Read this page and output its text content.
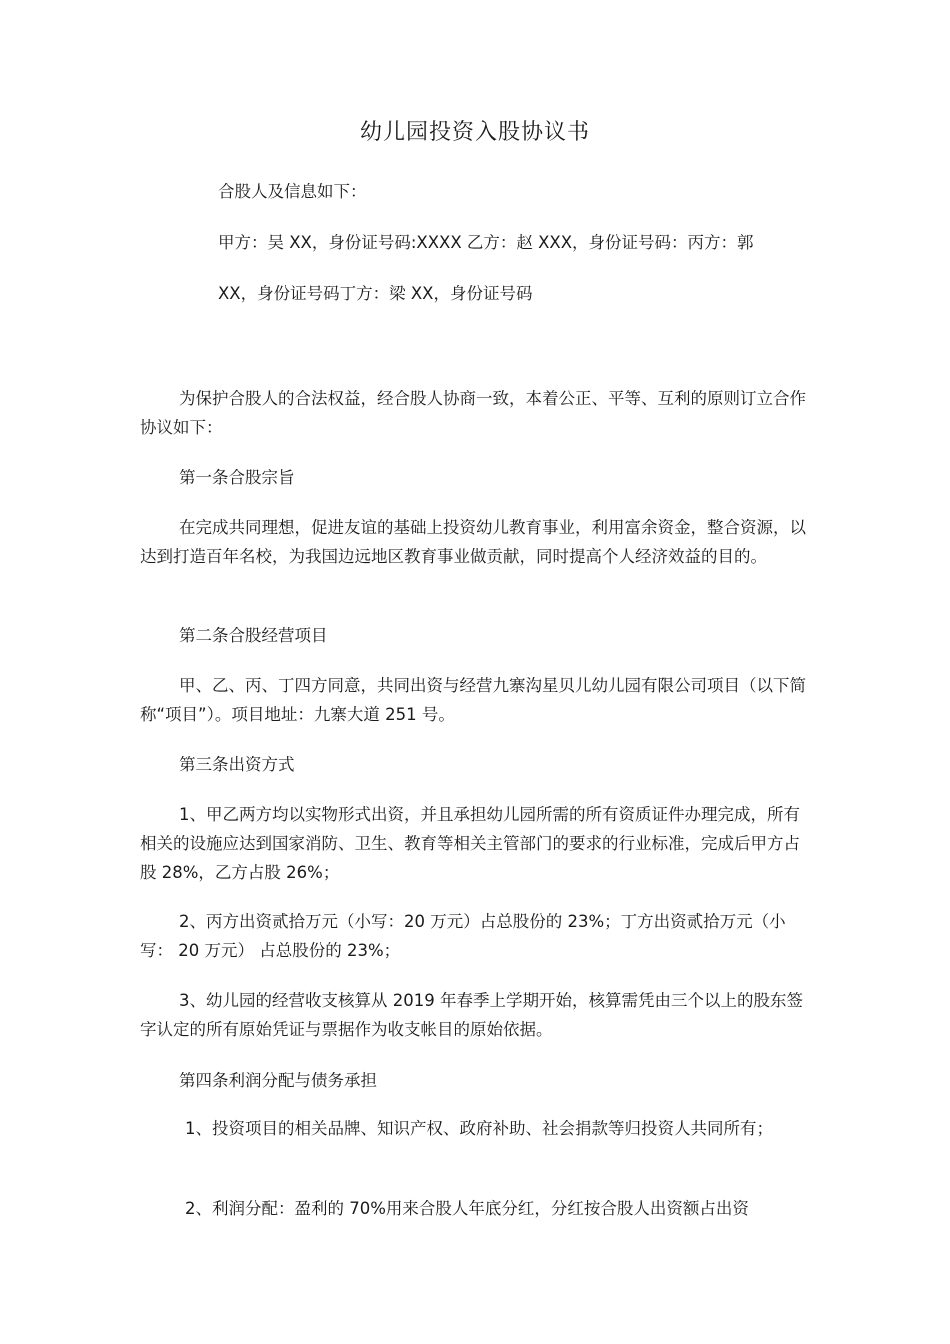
幼儿园投资入股协议书
合股人及信息如下：
甲方：吴 XX，身份证号码:XXXX 乙方：赵 XXX，身份证号码：丙方：郭
XX，身份证号码丁方：梁 XX，身份证号码
为保护合股人的合法权益，经合股人协商一致，本着公正、平等、互利的原则订立合作协议如下：
第一条合股宗旨
在完成共同理想，促进友谊的基础上投资幼儿教育事业，利用富余资金，整合资源，以达到打造百年名校，为我国边远地区教育事业做贡献，同时提高个人经济效益的目的。
第二条合股经营项目
甲、乙、丙、丁四方同意，共同出资与经营九寨沟星贝儿幼儿园有限公司项目（以下简称“项目”）。项目地址：九寨大道 251 号。
第三条出资方式
1、甲乙两方均以实物形式出资，并且承担幼儿园所需的所有资质证件办理完成，所有相关的设施应达到国家消防、卫生、教育等相关主管部门的要求的行业标准，完成后甲方占股 28%，乙方占股 26%；
2、丙方出资贰拾万元（小写：20 万元）占总股份的 23%；丁方出资贰拾万元（小写： 20 万元） 占总股份的 23%；
3、幼儿园的经营收支核算从 2019 年春季上学期开始，核算需凭由三个以上的股东签字认定的所有原始凭证与票据作为收支帐目的原始依据。
第四条利润分配与债务承担
1、投资项目的相关品牌、知识产权、政府补助、社会捐款等归投资人共同所有；
2、利润分配：盈利的 70%用来合股人年底分红，分红按合股人出资额占出资
